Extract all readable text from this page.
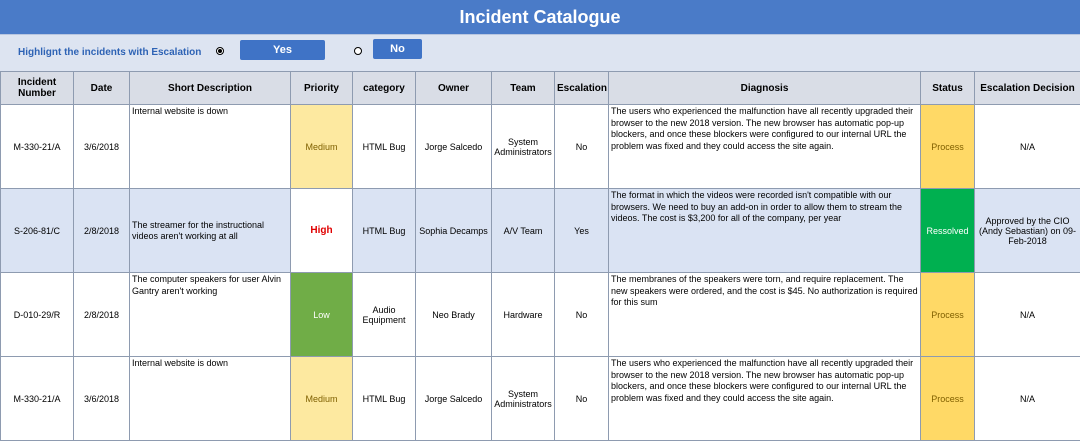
Incident Catalogue
Highlignt the incidents with Escalation	Yes	No
Incident Number	Date	Short Description	Priority	category	Owner	Team	Escalation	Diagnosis	Status	Escalation Decision
M-330-21/A	3/6/2018	Internal website is down	Medium	HTML Bug	Jorge Salcedo	System Administrators	No	The users who experienced the malfunction have all recently upgraded their browser to the new 2018 version. The new browser has automatic pop-up blockers, and once these blockers were configured to our internal URL the problem was fixed and they could access the site again.	Process	N/A
S-206-81/C	2/8/2018	The streamer for the instructional videos aren't working at all	High	HTML Bug	Sophia Decamps	A/V Team	Yes	The format in which the videos were recorded isn't compatible with our browsers. We need to buy an add-on in order to allow them to stream the videos. The cost is $3,200 for all of the company, per year	Ressolved	Approved by the CIO (Andy Sebastian) on 09-Feb-2018
D-010-29/R	2/8/2018	The computer speakers for user Alvin Gantry aren't working	Low	Audio Equipment	Neo Brady	Hardware	No	The membranes of the speakers were torn, and require replacement. The new speakers were ordered, and the cost is $45. No authorization is required for this sum	Process	N/A
M-330-21/A	3/6/2018	Internal website is down	Medium	HTML Bug	Jorge Salcedo	System Administrators	No	The users who experienced the malfunction have all recently upgraded their browser to the new 2018 version. The new browser has automatic pop-up blockers, and once these blockers were configured to our internal URL the problem was fixed and they could access the site again.	Process	N/A
